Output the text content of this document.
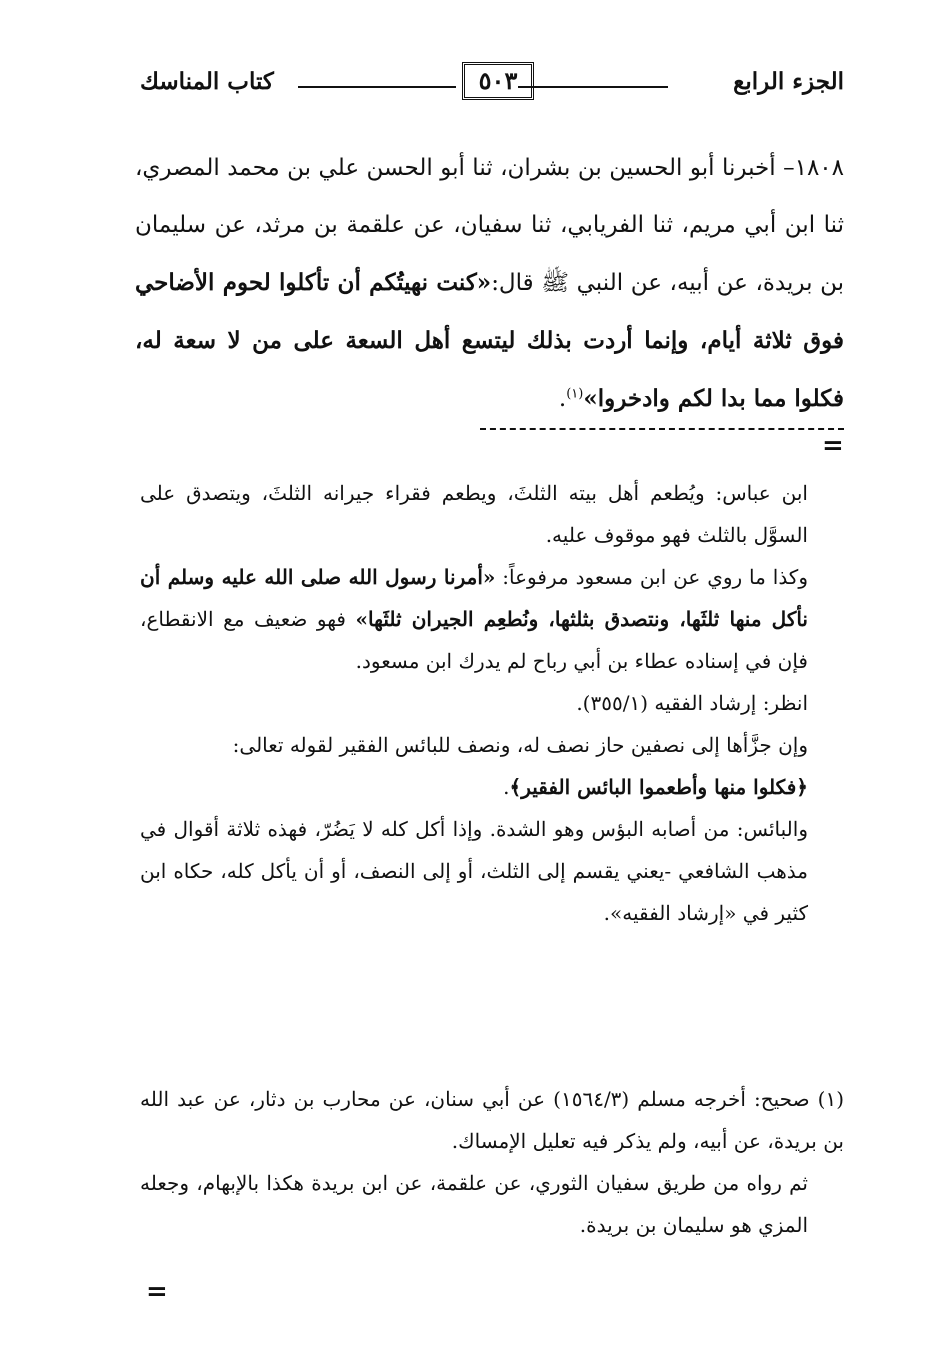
الجزء الرابع
٥٠٣
كتاب المناسك
١٨٠٨– أخبرنا أبو الحسين بن بشران، ثنا أبو الحسن علي بن محمد المصري، ثنا ابن أبي مريم، ثنا الفريابي، ثنا سفيان، عن علقمة بن مرثد، عن سليمان بن بريدة، عن أبيه، عن النبي ﷺ قال:«كنت نهيتُكم أن تأكلوا لحوم الأضاحي فوق ثلاثة أيام، وإنما أردت بذلك ليتسع أهل السعة على من لا سعة له، فكلوا مما بدا لكم وادخروا»$^{(١)}$.
=

ابن عباس: ويُطعم أهل بيته الثلثَ، ويطعم فقراء جيرانه الثلثَ، ويتصدق على السوَّل بالثلث فهو موقوف عليه.

وكذا ما روي عن ابن مسعود مرفوعاً: «أمرنا رسول الله صلى الله عليه وسلم أن نأكل منها ثلثَها، ونتصدق بثلثها، ونُطعِم الجيران ثلثَها» فهو ضعيف مع الانقطاع، فإن في إسناده عطاء بن أبي رباح لم يدرك ابن مسعود.

انظر: إرشاد الفقيه (٣٥٥/١).

وإن جزَّأها إلى نصفين حاز نصف له، ونصف للبائس الفقير لقوله تعالى:

﴿فكلوا منها وأطعموا البائس الفقير﴾.

والبائس: من أصابه البؤس وهو الشدة. وإذا أكل كله لا يَضُرّ، فهذه ثلاثة أقوال في مذهب الشافعي -يعني يقسم إلى الثلث، أو إلى النصف، أو أن يأكل كله، حكاه ابن كثير في «إرشاد الفقيه».

(١) صحيح: أخرجه مسلم (١٥٦٤/٣) عن أبي سنان، عن محارب بن دثار، عن عبد الله بن بريدة، عن أبيه، ولم يذكر فيه تعليل الإمساك.

ثم رواه من طريق سفيان الثوري، عن علقمة، عن ابن بريدة هكذا بالإبهام، وجعله المزي هو سليمان بن بريدة.

=
